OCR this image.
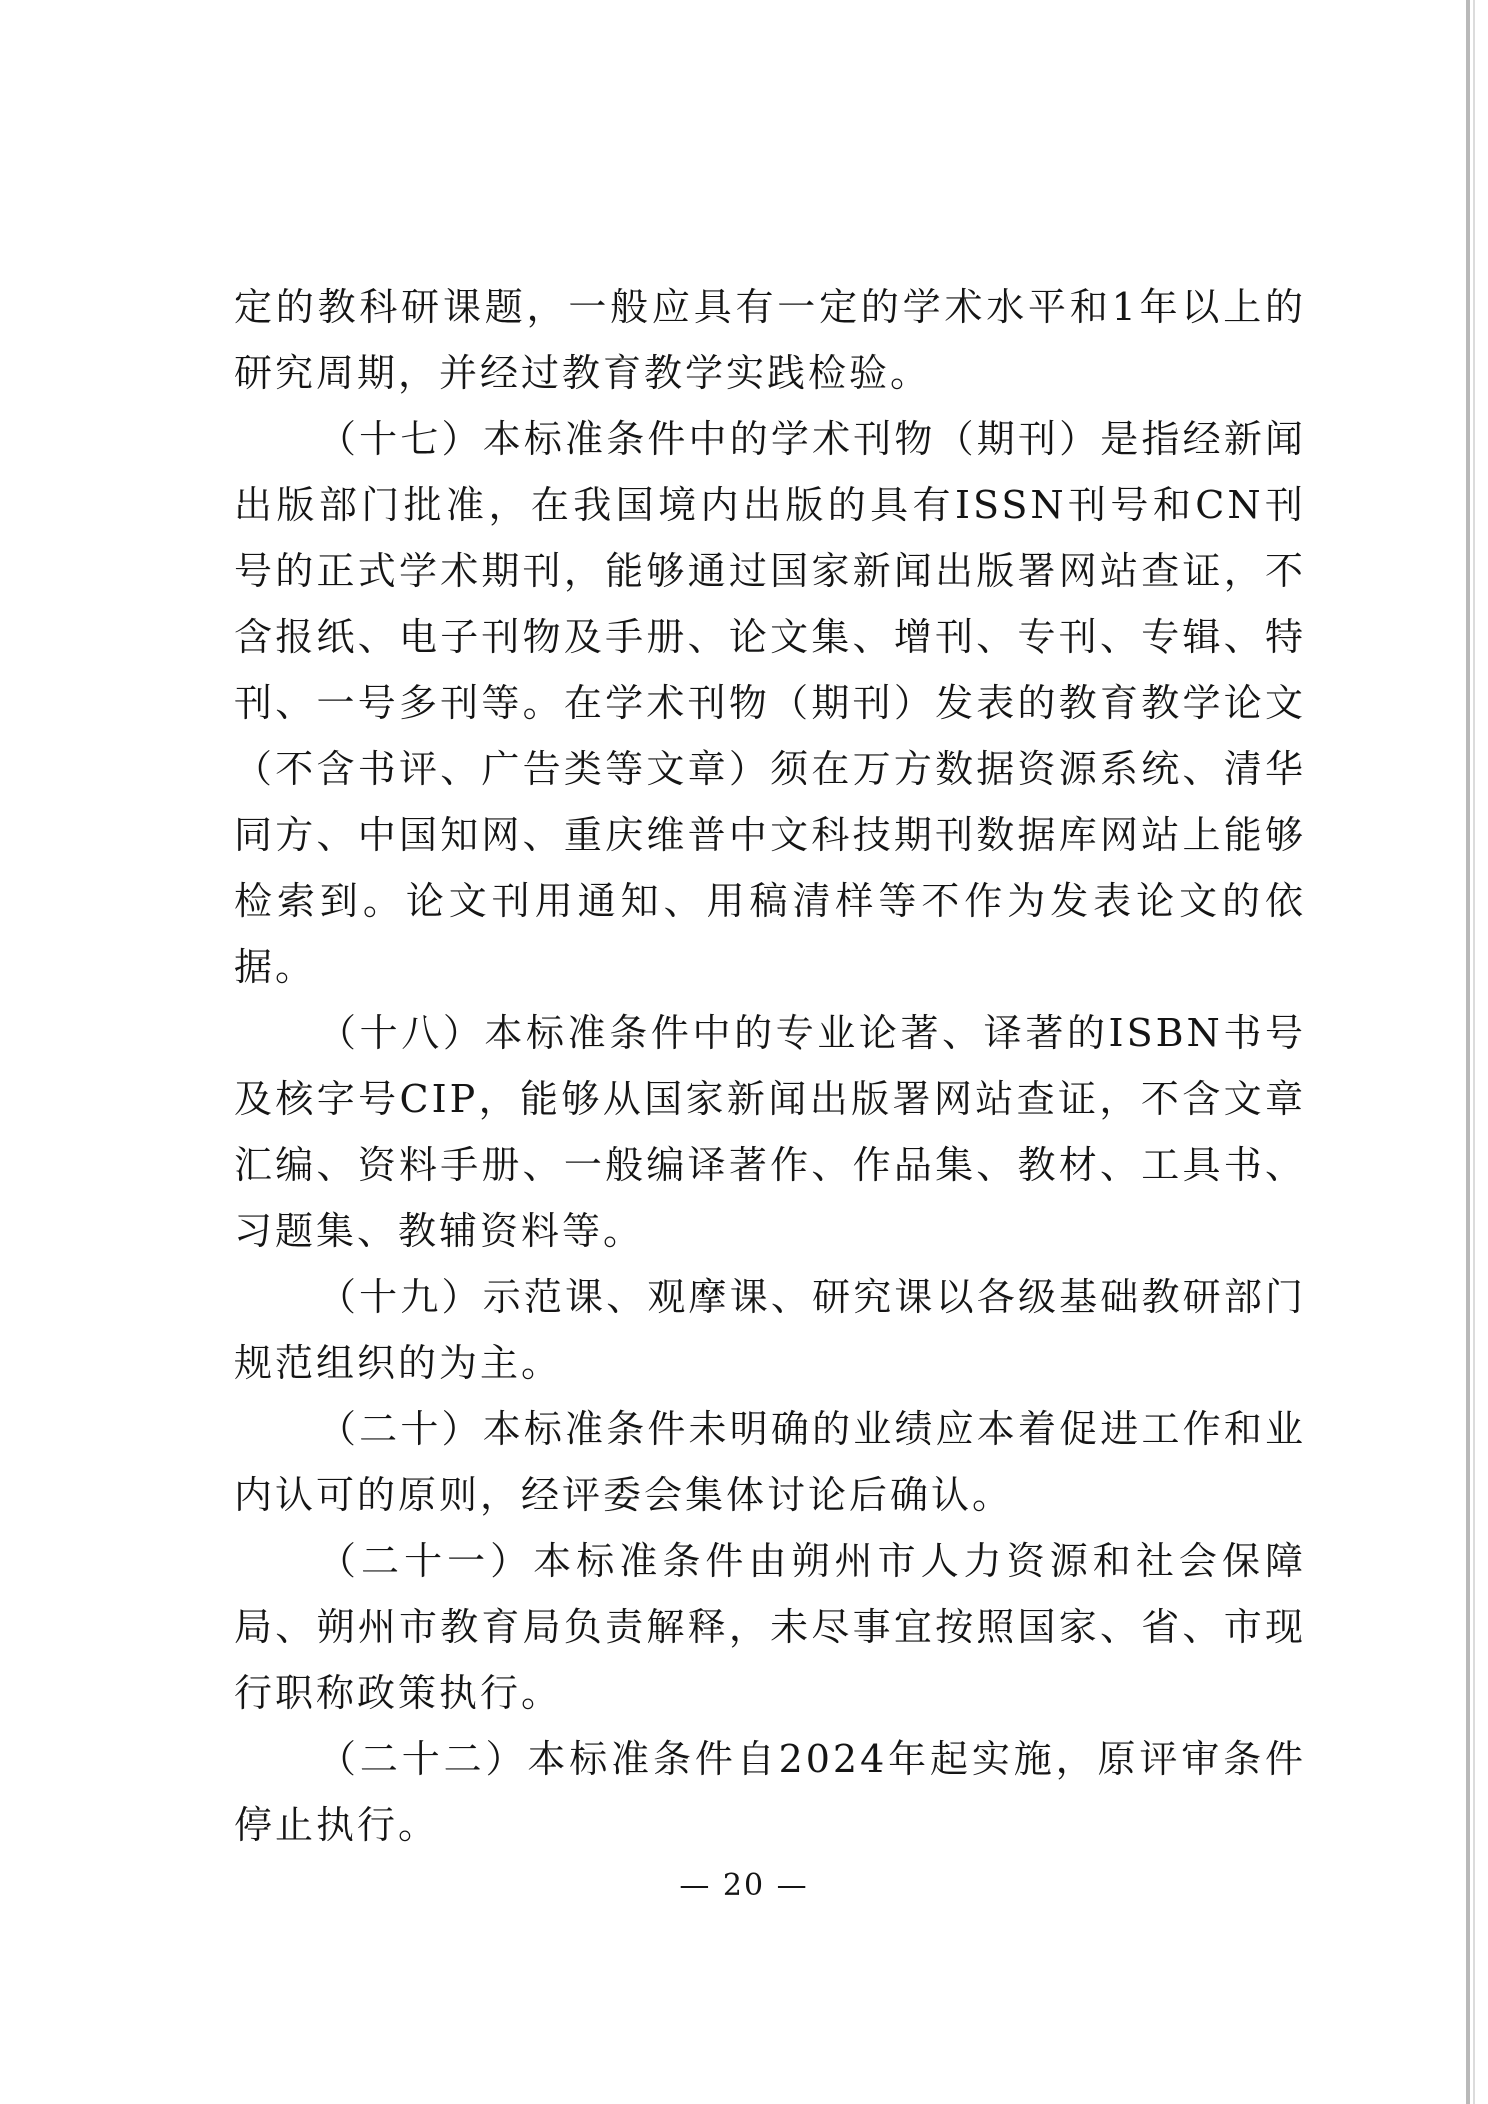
定的教科研课题，一般应具有一定的学术水平和1年以上的研究周期，并经过教育教学实践检验。

（十七）本标准条件中的学术刊物（期刊）是指经新闻出版部门批准，在我国境内出版的具有ISSN刊号和CN刊号的正式学术期刊，能够通过国家新闻出版署网站查证，不含报纸、电子刊物及手册、论文集、增刊、专刊、专辑、特刊、一号多刊等。在学术刊物（期刊）发表的教育教学论文（不含书评、广告类等文章）须在万方数据资源系统、清华同方、中国知网、重庆维普中文科技期刊数据库网站上能够检索到。论文刊用通知、用稿清样等不作为发表论文的依据。

（十八）本标准条件中的专业论著、译著的ISBN书号及核字号CIP，能够从国家新闻出版署网站查证，不含文章汇编、资料手册、一般编译著作、作品集、教材、工具书、习题集、教辅资料等。

（十九）示范课、观摩课、研究课以各级基础教研部门规范组织的为主。

（二十）本标准条件未明确的业绩应本着促进工作和业内认可的原则，经评委会集体讨论后确认。

（二十一）本标准条件由朔州市人力资源和社会保障局、朔州市教育局负责解释，未尽事宜按照国家、省、市现行职称政策执行。

（二十二）本标准条件自2024年起实施，原评审条件停止执行。

— 20 —
